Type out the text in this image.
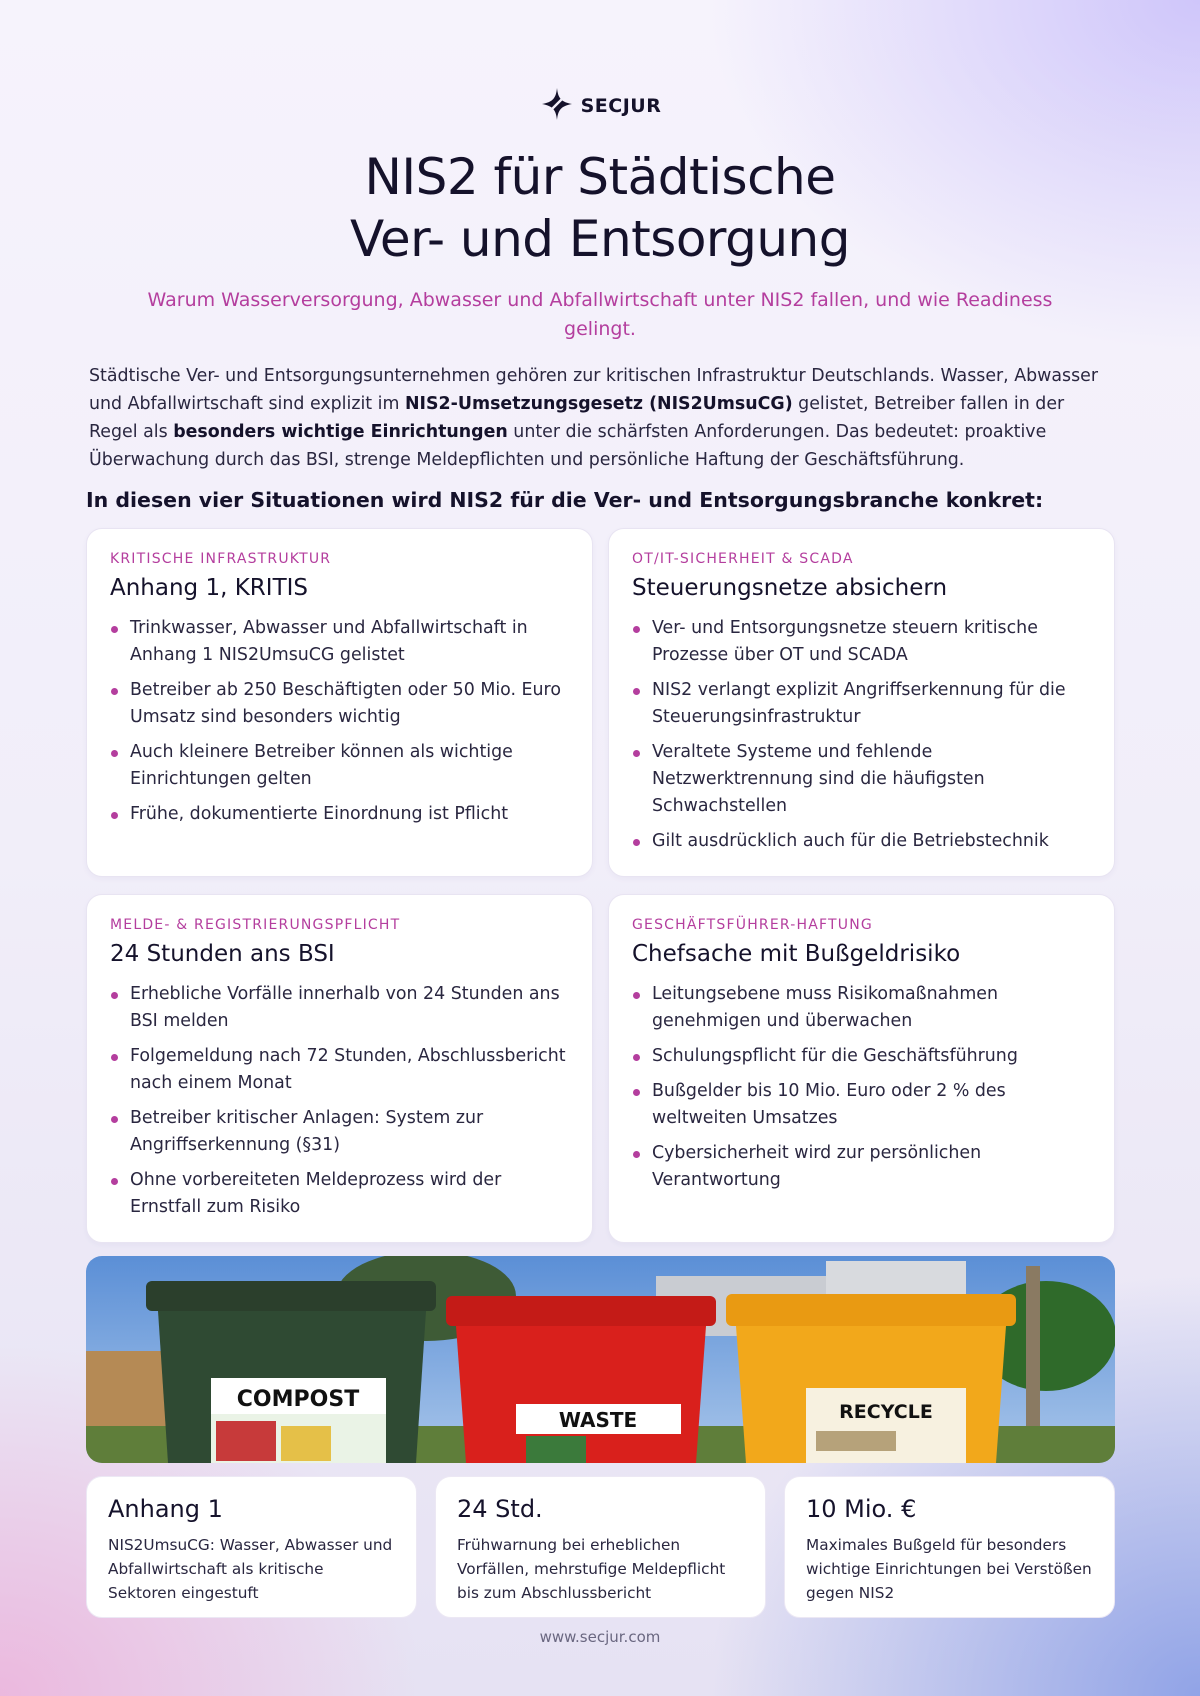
SECJUR
NIS2 für Städtische
Ver- und Entsorgung

Warum Wasserversorgung, Abwasser und Abfallwirtschaft unter NIS2 fallen, und wie Readiness gelingt.

Städtische Ver- und Entsorgungsunternehmen gehören zur kritischen Infrastruktur Deutschlands. Wasser, Abwasser und Abfallwirtschaft sind explizit im NIS2-Umsetzungsgesetz (NIS2UmsuCG) gelistet, Betreiber fallen in der Regel als besonders wichtige Einrichtungen unter die schärfsten Anforderungen. Das bedeutet: proaktive Überwachung durch das BSI, strenge Meldepflichten und persönliche Haftung der Geschäftsführung.

In diesen vier Situationen wird NIS2 für die Ver- und Entsorgungsbranche konkret:
KRITISCHE INFRASTRUKTUR
Anhang 1, KRITIS
Trinkwasser, Abwasser und Abfallwirtschaft in Anhang 1 NIS2UmsuCG gelistet
Betreiber ab 250 Beschäftigten oder 50 Mio. Euro Umsatz sind besonders wichtig
Auch kleinere Betreiber können als wichtige Einrichtungen gelten
Frühe, dokumentierte Einordnung ist Pflicht
OT/IT-SICHERHEIT & SCADA
Steuerungsnetze absichern
Ver- und Entsorgungsnetze steuern kritische Prozesse über OT und SCADA
NIS2 verlangt explizit Angriffserkennung für die Steuerungsinfrastruktur
Veraltete Systeme und fehlende Netzwerktrennung sind die häufigsten Schwachstellen
Gilt ausdrücklich auch für die Betriebstechnik
MELDE- & REGISTRIERUNGSPFLICHT
24 Stunden ans BSI
Erhebliche Vorfälle innerhalb von 24 Stunden ans BSI melden
Folgemeldung nach 72 Stunden, Abschlussbericht nach einem Monat
Betreiber kritischer Anlagen: System zur Angriffserkennung (§31)
Ohne vorbereiteten Meldeprozess wird der Ernstfall zum Risiko
GESCHÄFTSFÜHRER-HAFTUNG
Chefsache mit Bußgeldrisiko
Leitungsebene muss Risikomaßnahmen genehmigen und überwachen
Schulungspflicht für die Geschäftsführung
Bußgelder bis 10 Mio. Euro oder 2 % des weltweiten Umsatzes
Cybersicherheit wird zur persönlichen Verantwortung
COMPOST
WASTE	RECYCLE
Anhang 1
NIS2UmsuCG: Wasser, Abwasser und Abfallwirtschaft als kritische Sektoren eingestuft
24 Std.
Frühwarnung bei erheblichen Vorfällen, mehrstufige Meldepflicht bis zum Abschlussbericht
10 Mio. €
Maximales Bußgeld für besonders wichtige Einrichtungen bei Verstößen gegen NIS2
www.secjur.com
